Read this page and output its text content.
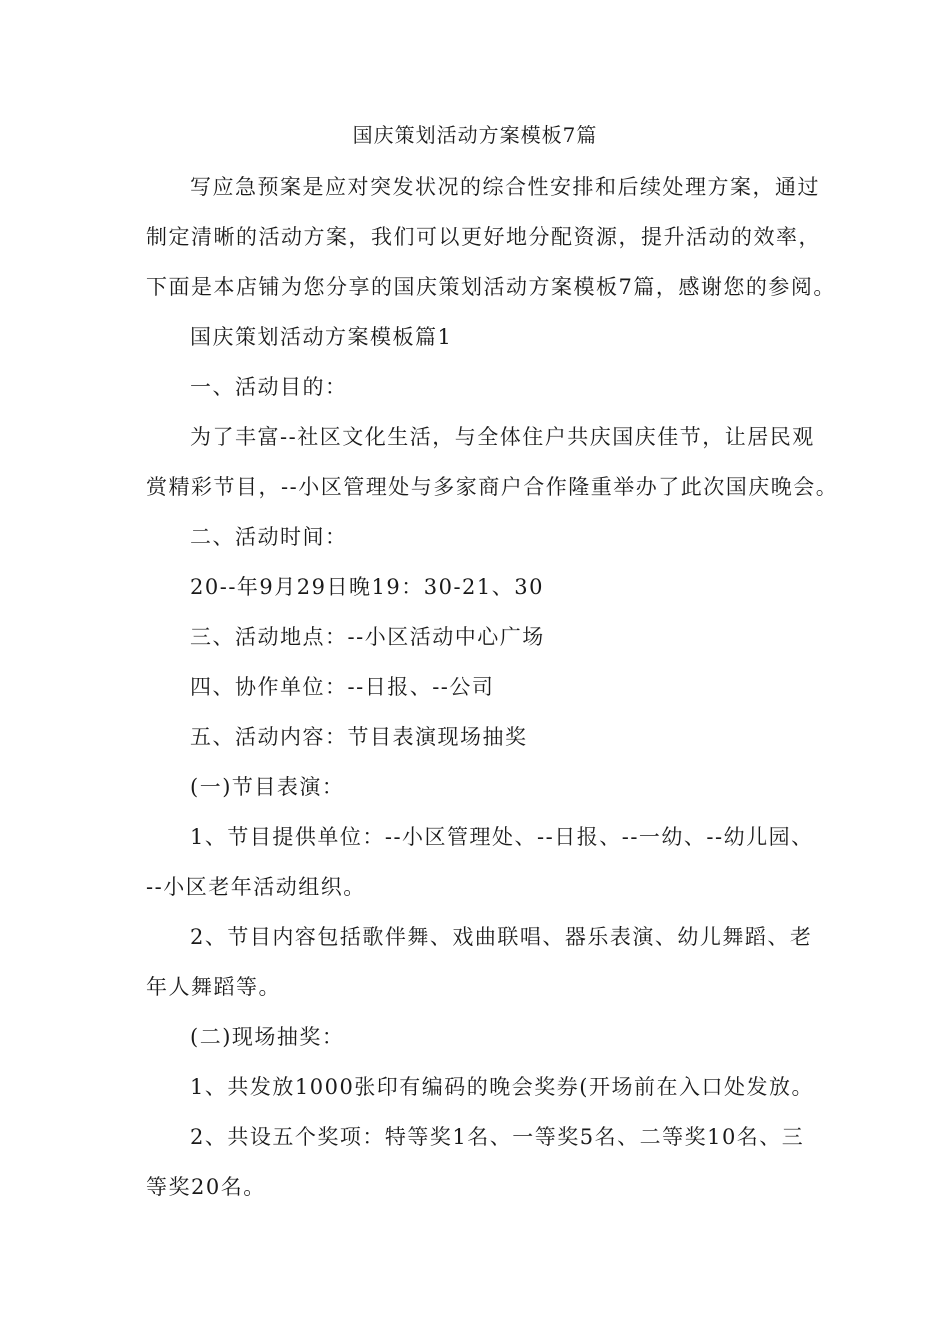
国庆策划活动方案模板7篇
写应急预案是应对突发状况的综合性安排和后续处理方案，通过
制定清晰的活动方案，我们可以更好地分配资源，提升活动的效率，
下面是本店铺为您分享的国庆策划活动方案模板7篇，感谢您的参阅。
国庆策划活动方案模板篇1
一、活动目的：
为了丰富--社区文化生活，与全体住户共庆国庆佳节，让居民观
赏精彩节目，--小区管理处与多家商户合作隆重举办了此次国庆晚会。
二、活动时间：
20--年9月29日晚19：30-21、30
三、活动地点：--小区活动中心广场
四、协作单位：--日报、--公司
五、活动内容：节目表演现场抽奖
(一)节目表演：
1、节目提供单位：--小区管理处、--日报、--一幼、--幼儿园、
--小区老年活动组织。
2、节目内容包括歌伴舞、戏曲联唱、器乐表演、幼儿舞蹈、老
年人舞蹈等。
(二)现场抽奖：
1、共发放1000张印有编码的晚会奖券(开场前在入口处发放。
2、共设五个奖项：特等奖1名、一等奖5名、二等奖10名、三
等奖20名。
